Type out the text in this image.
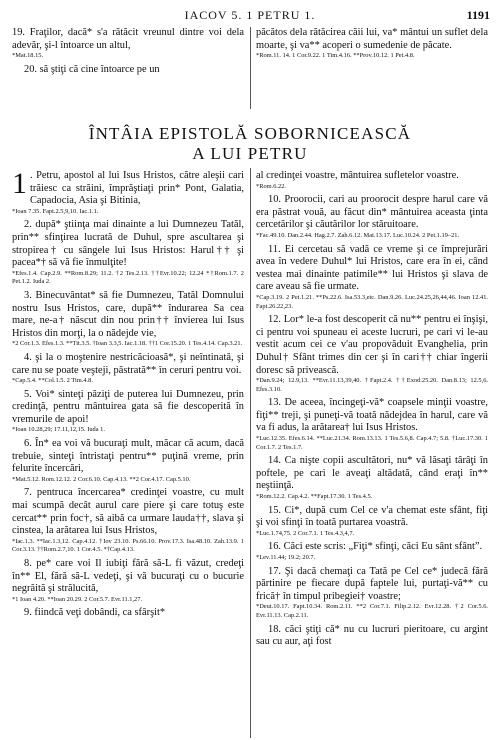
IACOV 5. 1 PETRU 1.	1191

19. Fraţilor, dacă* s'a rătăcit vreunul dintre voi dela adevăr, şi-l întoarce un altul,

*Mat.18.15.

20. să ştiţi că cine întoarce pe un

păcătos dela rătăcirea căii lui, va* mântui un suflet dela moarte, şi va** acoperi o sumedenie de păcate.

*Rom.11. 14. 1 Cor.9.22. 1 Tim.4.16. **Prov.10.12. 1 Pet.4.8.

ÎNTÂIA EPISTOLĂ SOBORNICEASCĂ
A LUI PETRU

1 . Petru, apostol al lui Isus Hristos, către aleşii cari trăiesc ca străini, împrăştiaţi prin* Pont, Galatia, Capadocia, Asia şi Bitinia,

*Ioan 7.35. Fapt.2.5,9,10. Iac.1.1.

2. după* ştiinţa mai dinainte a lui Dumnezeu Tatăl, prin** sfinţirea lucrată de Duhul, spre ascultarea şi stropirea† cu sângele lui Isus Hristos: Harul†† şi pacea*† să vă fie înmulţite!

*Efes.1.4. Cap.2.9. **Rom.8.29; 11.2. †2 Tes.2.13. ††Evr.10.22; 12.24 *†Rom.1.7. 2 Pet.1.2. Iuda 2.

3. Binecuvântat* să fie Dumnezeu, Tatăl Domnului nostru Isus Hristos, care, după** îndurarea Sa cea mare, ne-a† născut din nou prin†† învierea lui Isus Hristos din morţi, la o nădejde vie,

*2 Cor.1.3. Efes.1.3. **Tit.3.5. †Ioan 3.3,5. Iac.1.18. ††1 Cor.15.20. 1 Tes.4.14. Cap.3.21.

4. şi la o moştenire nestricăcioasă*, şi neîntinată, şi care nu se poate veşteji, păstrată** în ceruri pentru voi.

*Cap.5.4. **Col.1.5. 2 Tim.4.8.

5. Voi* sinteţi păziţi de puterea lui Dumnezeu, prin credinţă, pentru mântuirea gata să fie descoperită în vremurile de apoi!

*Ioan 10.28,29; 17.11,12,15. Iuda 1.

6. În* ea voi vă bucuraţi mult, măcar că acum, dacă trebuie, sinteţi întristaţi pentru** puţină vreme, prin felurite încercări,

*Mat.5.12. Rom.12.12. 2 Cor.6.10. Cap.4.13. **2 Cor.4.17. Cap.5.10.

7. pentruca încercarea* credinţei voastre, cu mult mai scumpă decât aurul care piere şi care totuş este cercat** prin foc†, să aibă ca urmare lauda††, slava şi cinstea, la arătarea lui Isus Hristos,

*Iac.1.3. **Iac.1.3,12. Cap.4.12. †Iov 23.10. Ps.66.10. Prov.17.3. Isa.48.10. Zah.13.9. 1 Cor.3.13. ††Rom.2.7,10. 1 Cor.4.5. *†Cap.4.13.

8. pe* care voi Il iubiţi fără să-L fi văzut, credeţi în** El, fără să-L vedeţi, şi vă bucuraţi cu o bucurie negrăită şi strălucită,

*1 Ioan 4.20. **Ioan 20.29. 2 Cor.5.7. Evr.11.1,27.

9. fiindcă veţi dobândi, ca sfârşit*

al credinţei voastre, mântuirea sufletelor voastre.

*Rom.6.22.

10. Proorocii, cari au proorocit despre harul care vă era păstrat vouă, au făcut din* mântuirea aceasta ţinta cercetărilor şi căutărilor lor stăruitoare.

*Fac.49.10. Dan.2.44. Hag.2.7. Zah.6.12. Mat.13.17. Luc.10.24. 2 Pet.1.19–21.

11. Ei cercetau să vadă ce vreme şi ce împrejurări avea în vedere Duhul* lui Hristos, care era în ei, când vestea mai dinainte patimile** lui Hristos şi slava de care aveau să fie urmate.

*Cap.3.19. 2 Pet.1.21. **Ps.22.6. Isa.53.3,etc. Dan.9.26. Luc.24.25,26,44,46. Ioan 12.41. Fapt.26.22,23.

12. Lor* le-a fost descoperit că nu** pentru ei înşişi, ci pentru voi spuneau ei aceste lucruri, pe cari vi le-au vestit acum cei ce v'au propovăduit Evanghelia, prin Duhul† Sfânt trimes din cer şi în cari†† chiar îngerii doresc să privească.

*Dan.9.24; 12.9,13. **Evr.11.13,39,40. †Fapt.2.4. ††Exod.25.20. Dan.8.13; 12.5,6. Efes.3.10.

13. De aceea, încingeţi-vă* coapsele minţii voastre, fiţi** treji, şi puneţi-vă toată nădejdea în harul, care vă va fi adus, la arătarea† lui Isus Hristos.

*Luc.12.35. Efes.6.14. **Luc.21.34. Rom.13.13. 1 Tes.5.6,8. Cap.4.7; 5.8. †Luc.17.30. 1 Cor.1.7. 2 Tes.1.7.

14. Ca nişte copii ascultători, nu* vă lăsaţi târâţi în poftele, pe cari le aveaţi altădată, când eraţi în** neştiinţă.

*Rom.12.2. Cap.4.2. **Fapt.17.30. 1 Tes.4.5.

15. Ci*, după cum Cel ce v'a chemat este sfânt, fiţi şi voi sfinţi în toată purtarea voastră.

*Luc.1.74,75. 2 Cor.7.1. 1 Tes.4.3,4,7.

16. Căci este scris: „Fiţi* sfinţi, căci Eu sânt sfânt”.

*Lev.11.44; 19.2; 20.7.

17. Şi dacă chemaţi ca Tată pe Cel ce* judecă fără părtinire pe fiecare după faptele lui, purtaţi-vă** cu frică† în timpul pribegiei† voastre;

*Deut.10.17. Fapt.10.34. Rom.2.11. **2 Cor.7.1. Filip.2.12. Evr.12.28. †2 Cor.5.6. Evr.11.13. Cap.2.11.

18. căci ştiţi că* nu cu lucruri pieritoare, cu argint sau cu aur, aţi fost
